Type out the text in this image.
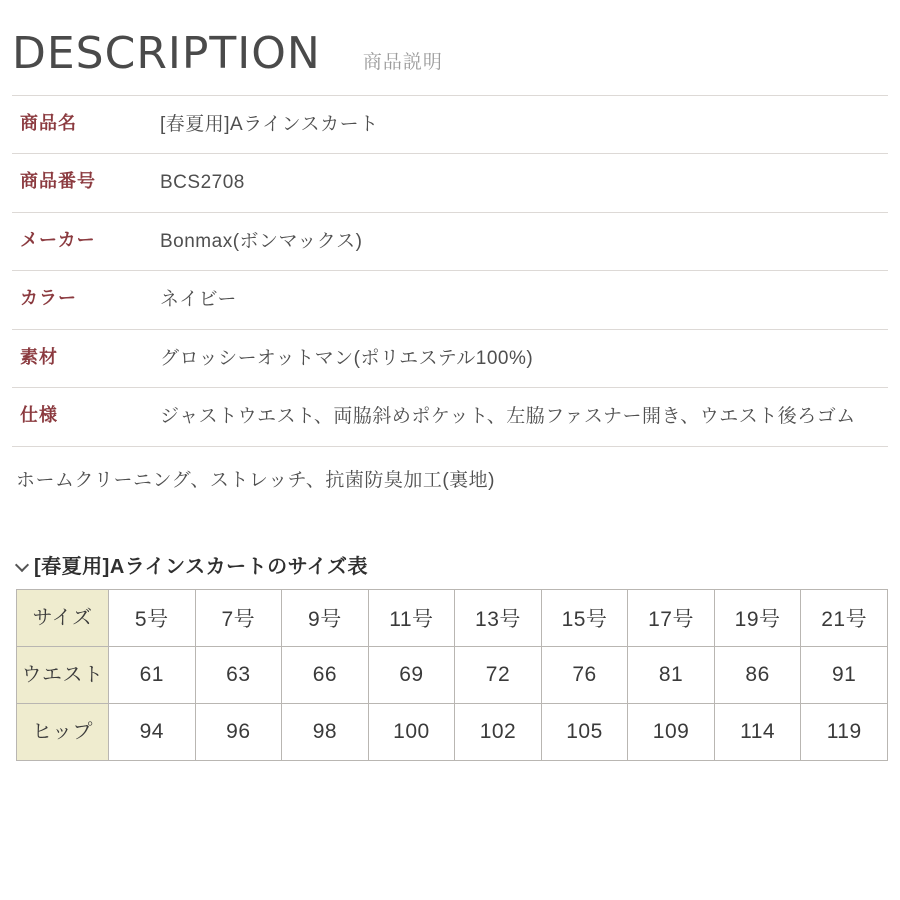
DESCRIPTION 商品説明
商品名	[春夏用]Aラインスカート
商品番号	BCS2708
メーカー	Bonmax(ボンマックス)
カラー	ネイビー
素材	グロッシーオットマン(ポリエステル100%)
仕様	ジャストウエスト、両脇斜めポケット、左脇ファスナー開き、ウエスト後ろゴム
ホームクリーニング、ストレッチ、抗菌防臭加工(裏地)
[春夏用]Aラインスカートのサイズ表
サイズ	5号	7号	9号	11号	13号	15号	17号	19号	21号
ウエスト	61	63	66	69	72	76	81	86	91
ヒップ	94	96	98	100	102	105	109	114	119
